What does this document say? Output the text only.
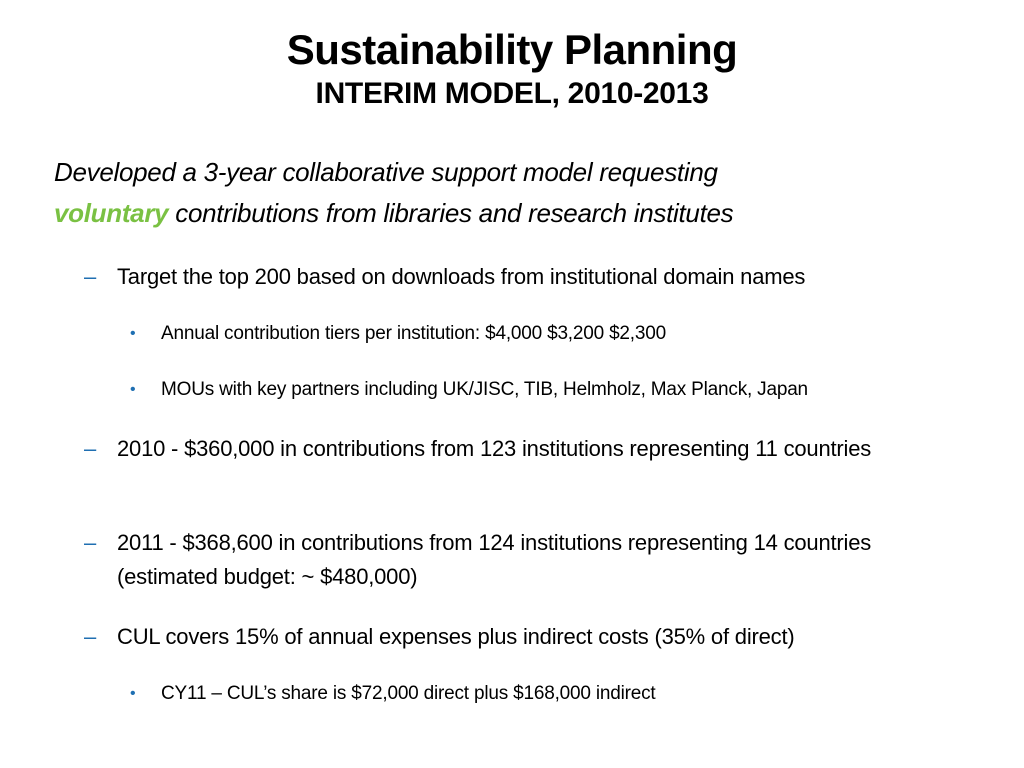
Sustainability Planning
INTERIM MODEL, 2010-2013
Developed a 3-year collaborative support model requesting
voluntary contributions from libraries and research institutes
– Target the top 200 based on downloads from institutional domain names
• Annual contribution tiers per institution: $4,000 $3,200 $2,300
• MOUs with key partners including UK/JISC, TIB, Helmholz, Max Planck, Japan
– 2010 - $360,000 in contributions from 123 institutions representing 11 countries
– 2011 - $368,600 in contributions from 124 institutions representing 14 countries (estimated budget: ~ $480,000)
– CUL covers 15% of annual expenses plus indirect costs (35% of direct)
• CY11 – CUL’s share is $72,000 direct plus $168,000 indirect
